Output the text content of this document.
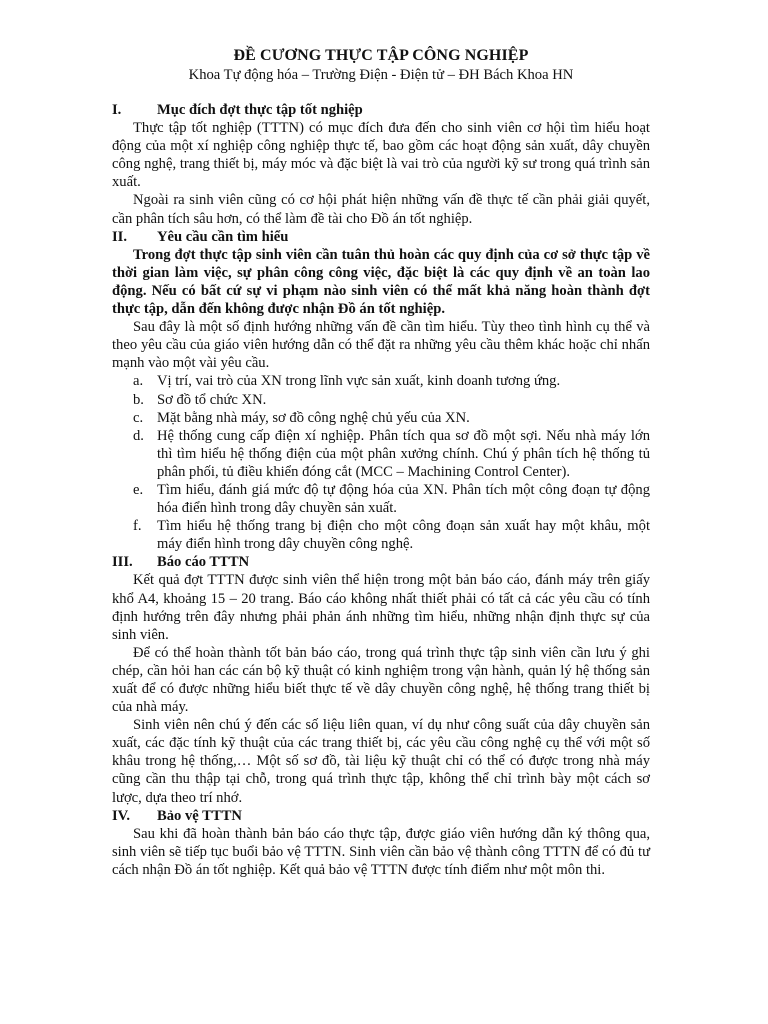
ĐỀ CƯƠNG THỰC TẬP CÔNG NGHIỆP
Khoa Tự động hóa – Trường Điện - Điện tử – ĐH Bách Khoa HN
I.	Mục đích đợt thực tập tốt nghiệp

Thực tập tốt nghiệp (TTTN) có mục đích đưa đến cho sinh viên cơ hội tìm hiểu hoạt động của một xí nghiệp công nghiệp thực tế, bao gồm các hoạt động sản xuất, dây chuyền công nghệ, trang thiết bị, máy móc và đặc biệt là vai trò của người kỹ sư trong quá trình sản xuất.

Ngoài ra sinh viên cũng có cơ hội phát hiện những vấn đề thực tế cần phải giải quyết, cần phân tích sâu hơn, có thể làm đề tài cho Đồ án tốt nghiệp.

II.	Yêu cầu cần tìm hiểu

Trong đợt thực tập sinh viên cần tuân thủ hoàn các quy định của cơ sở thực tập về thời gian làm việc, sự phân công công việc, đặc biệt là các quy định về an toàn lao động. Nếu có bất cứ sự vi phạm nào sinh viên có thể mất khả năng hoàn thành đợt thực tập, dẫn đến không được nhận Đồ án tốt nghiệp.

Sau đây là một số định hướng những vấn đề cần tìm hiểu. Tùy theo tình hình cụ thể và theo yêu cầu của giáo viên hướng dẫn có thể đặt ra những yêu cầu thêm khác hoặc chỉ nhấn mạnh vào một vài yêu cầu.

a. Vị trí, vai trò của XN trong lĩnh vực sản xuất, kinh doanh tương ứng.
b. Sơ đồ tổ chức XN.
c. Mặt bằng nhà máy, sơ đồ công nghệ chủ yếu của XN.
d. Hệ thống cung cấp điện xí nghiệp. Phân tích qua sơ đồ một sợi. Nếu nhà máy lớn thì tìm hiểu hệ thống điện của một phân xưởng chính. Chú ý phân tích hệ thống tủ phân phối, tủ điều khiển đóng cắt (MCC – Machining Control Center).
e. Tìm hiểu, đánh giá mức độ tự động hóa của XN. Phân tích một công đoạn tự động hóa điển hình trong dây chuyền sản xuất.
f.	Tìm hiểu hệ thống trang bị điện cho một công đoạn sản xuất hay một khâu, một máy điển hình trong dây chuyền công nghệ.
III.	Báo cáo TTTN

Kết quả đợt TTTN được sinh viên thể hiện trong một bản báo cáo, đánh máy trên giấy khổ A4, khoảng 15 – 20 trang. Báo cáo không nhất thiết phải có tất cả các yêu cầu có tính định hướng trên đây nhưng phải phản ánh những tìm hiểu, những nhận định thực sự của sinh viên.

Để có thể hoàn thành tốt bản báo cáo, trong quá trình thực tập sinh viên cần lưu ý ghi chép, cần hỏi han các cán bộ kỹ thuật có kinh nghiệm trong vận hành, quản lý hệ thống sản xuất để có được những hiểu biết thực tế về dây chuyền công nghệ, hệ thống trang thiết bị của nhà máy.

Sinh viên nên chú ý đến các số liệu liên quan, ví dụ như công suất của dây chuyền sản xuất, các đặc tính kỹ thuật của các trang thiết bị, các yêu cầu công nghệ cụ thể với một số khâu trong hệ thống,… Một số sơ đồ, tài liệu kỹ thuật chỉ có thể có được trong nhà máy cũng cần thu thập tại chỗ, trong quá trình thực tập, không thể chỉ trình bày một cách sơ lược, dựa theo trí nhớ.

IV.	Bảo vệ TTTN

Sau khi đã hoàn thành bản báo cáo thực tập, được giáo viên hướng dẫn ký thông qua, sinh viên sẽ tiếp tục buổi bảo vệ TTTN. Sinh viên cần bảo vệ thành công TTTN để có đủ tư cách nhận Đồ án tốt nghiệp. Kết quả bảo vệ TTTN được tính điểm như một môn thi.
